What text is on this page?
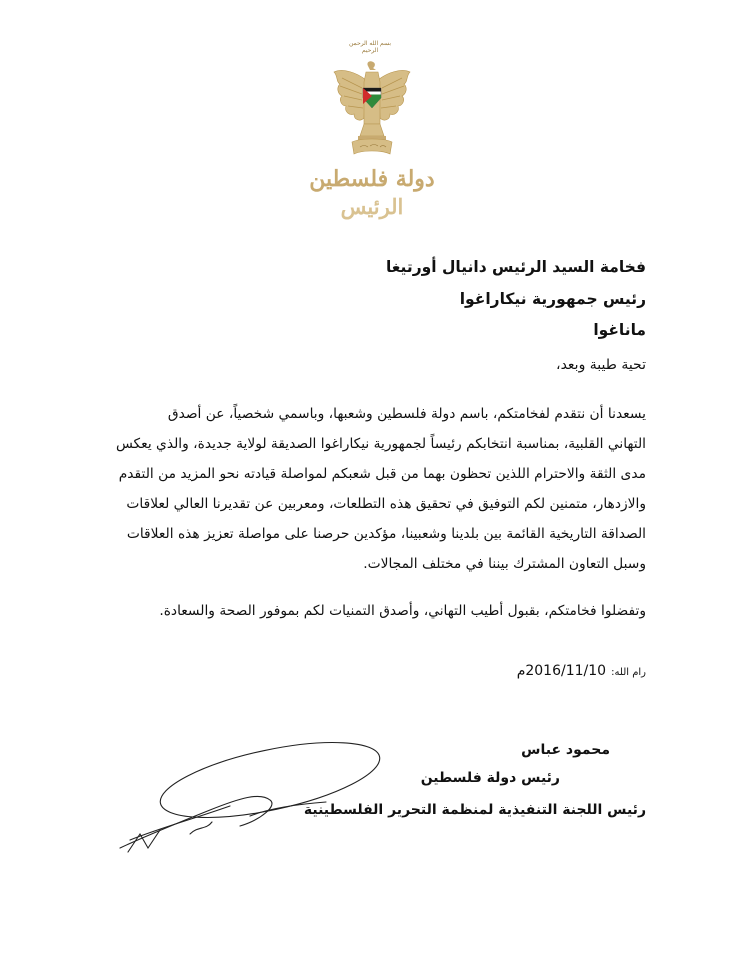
بسم الله الرحمن الرحيم
دولة فلسطين
الرئيس
فخامة السيد الرئيس دانيال أورتيغا
رئيس جمهورية نيكاراغوا
ماناغوا
تحية طيبة وبعد،
يسعدنا أن نتقدم لفخامتكم، باسم دولة فلسطين وشعبها، وباسمي شخصياً، عن أصدق
التهاني القلبية، بمناسبة انتخابكم رئيساً لجمهورية نيكاراغوا الصديقة لولاية جديدة، والذي يعكس
مدى الثقة والاحترام اللذين تحظون بهما من قبل شعبكم لمواصلة قيادته نحو المزيد من التقدم
والازدهار، متمنين لكم التوفيق في تحقيق هذه التطلعات، ومعربين عن تقديرنا العالي لعلاقات
الصداقة التاريخية القائمة بين بلدينا وشعبينا، مؤكدين حرصنا على مواصلة تعزيز هذه العلاقات
وسبل التعاون المشترك بيننا في مختلف المجالات.
وتفضلوا فخامتكم، بقبول أطيب التهاني، وأصدق التمنيات لكم بموفور الصحة والسعادة.
رام الله: 2016/11/10م
محمود عباس
رئيس دولة فلسطين
رئيس اللجنة التنفيذية لمنظمة التحرير الفلسطينية
